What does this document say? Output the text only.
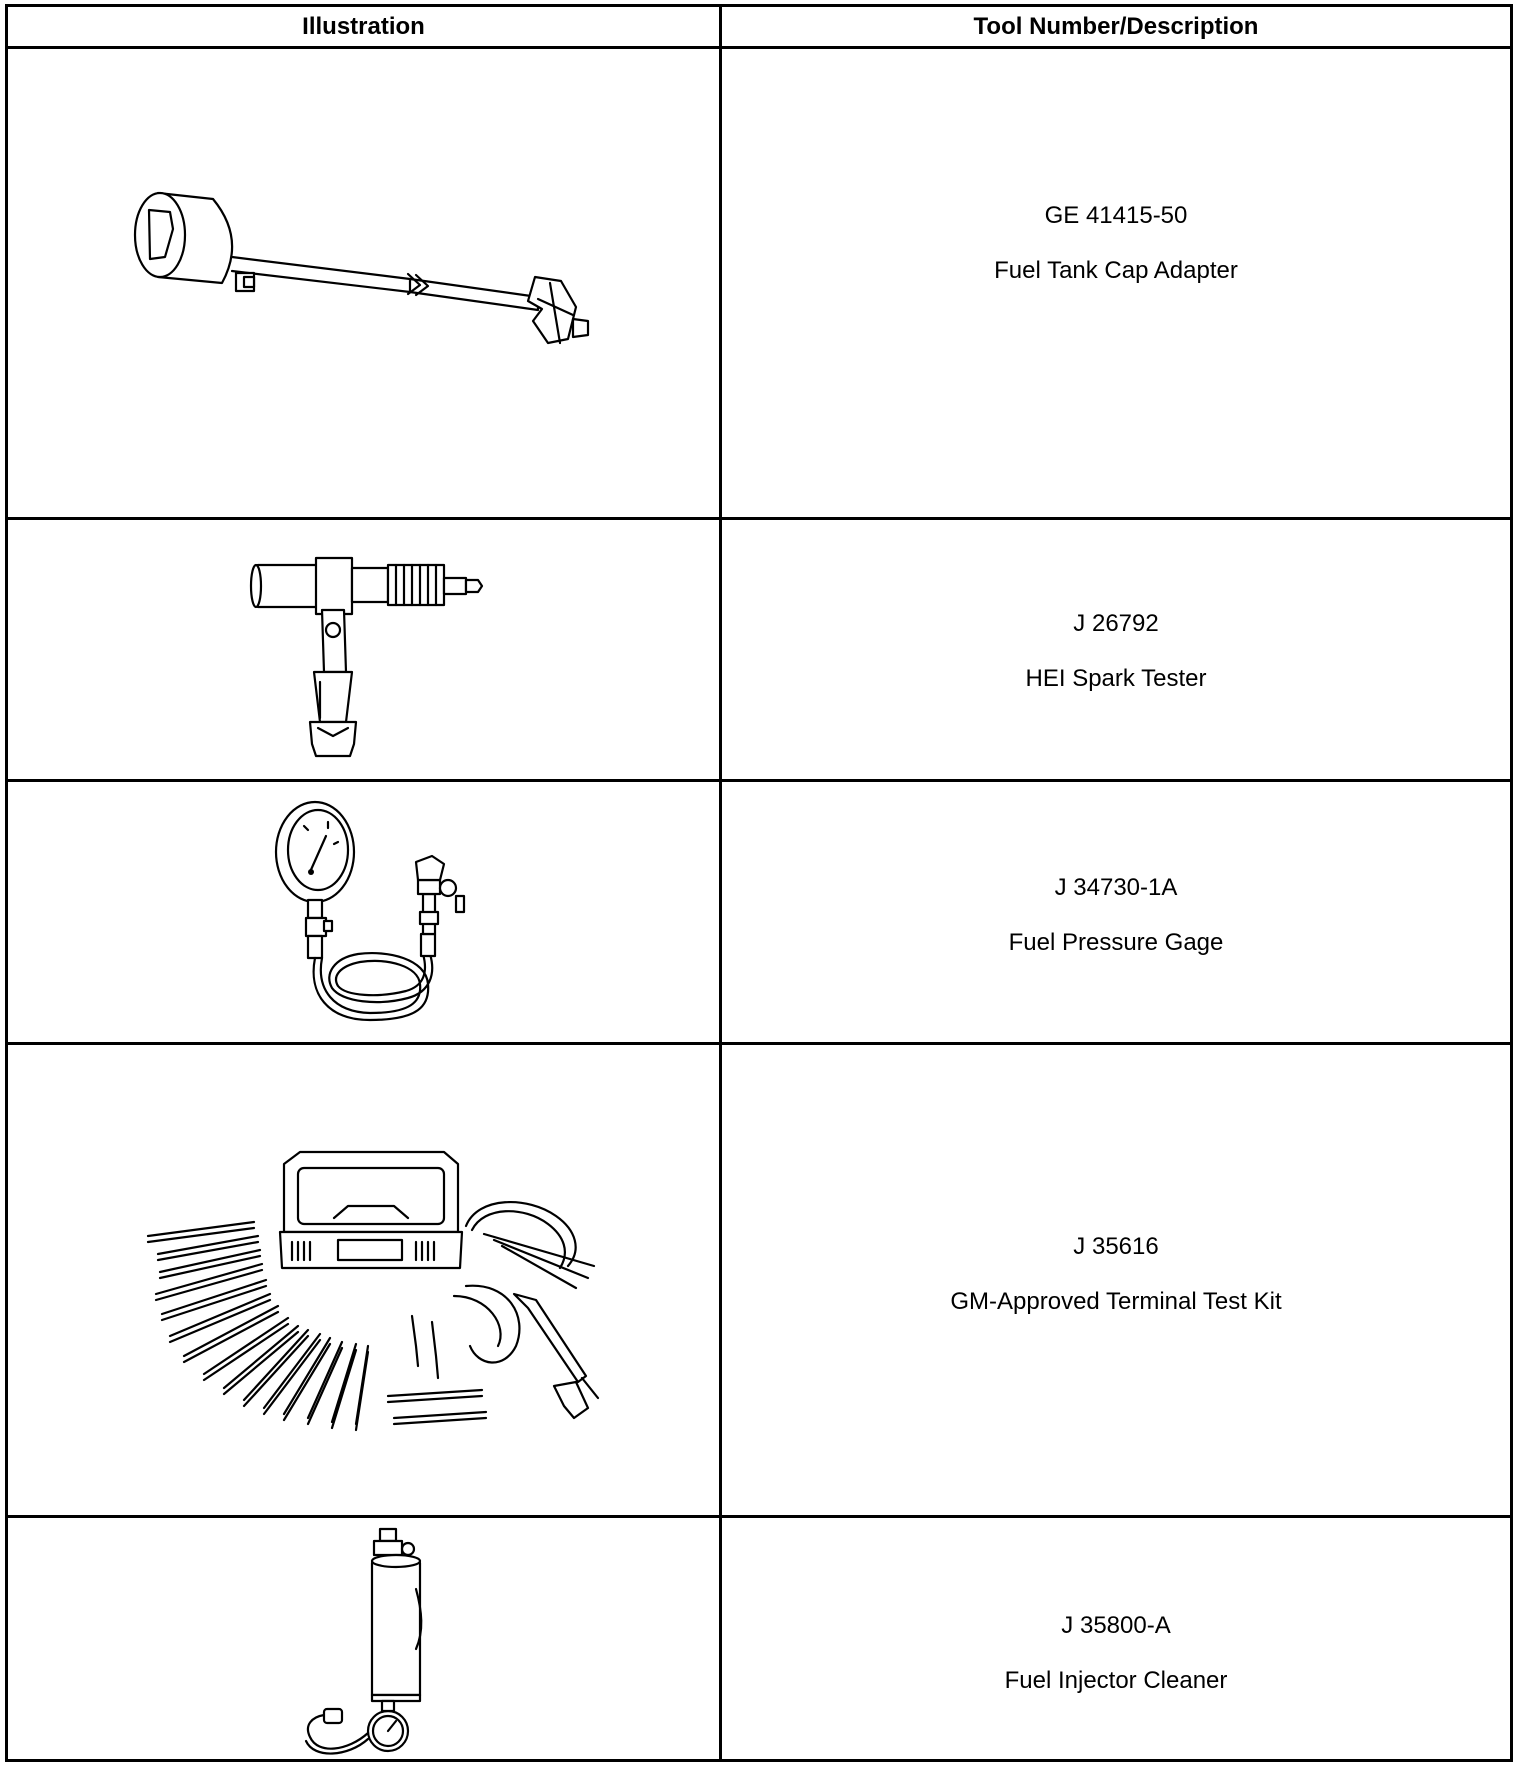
Illustration	Tool Number/Description

GE 41415-50
Fuel Tank Cap Adapter

J 26792
HEI Spark Tester

J 34730-1A
Fuel Pressure Gage

J 35616
GM-Approved Terminal Test Kit

J 35800-A
Fuel Injector Cleaner
